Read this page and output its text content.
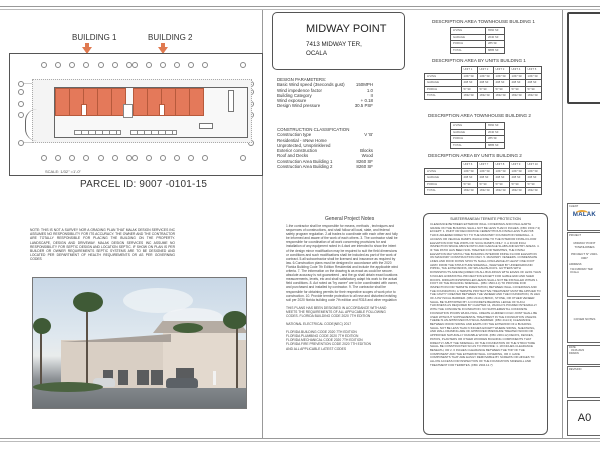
BUILDING 1	BUILDING 2
SCALE: 1/32" =1'-0"
PARCEL ID: 9007 -0101-15
NOTE: THIS IS NOT A SURVEY NOR A GRADING PLAN THAT MALAK DESIGN SERVICES INC ASSUMES NO RESPONSIBILITY FOR ITS ACCURACY. THE OWNER AND THE CONTRACTOR ARE TOTALLY RESPONSIBLE FOR PLACING THE BUILDING ON THE PROPERTY. LANDSCAPE, DESIGN AND DRIVEWAY. MALAK DESIGN SERVICES INC ASSUME NO RESPONSIBILITY FOR SEPTIC DESIGN AND LOCATION SEPTIC. IF SHOW ON PLAN IS PER BUILDER OR OWNER REQUIREMENTS SEPTIC SYSTEMS ARE TO BE DESIGNED AND LOCATED PER DEPARTMENT OF HEALTH REQUIREMENTS OR AS PER GOVERNING CODES
MIDWAY POINT
7413 MIDWAY TER,
OCALA
DESIGN PARAMETERS:
Basic Wind speed (3seconds gust)	150MPH
Wind impedence factor	1.0
Building Category	II
Wind exposure	+ 0.18
Design Wind pressure	30.5 PSF
CONSTRUCTION CLASSIFICATION
Construction type	V 'B'
Residential - nNew Home
Unprotected, Unsprinklered
Exterior construction	Blocks
Roof and Decks	Wood
Construction Area Building 1	8260 SF
Construction Area Building 2	8260 SF
DESCRIPTION AREA TOWNHOUSE BUILDING 1
LIVING	6560 SF
GARAGE	2040 SF
PORCH	285 SF
TOTAL	8885 SF
DESCRIPTION AREA BY UNITS BUILDING 1
	UNIT 1	UNIT 2	UNIT 3	UNIT 4	UNIT 5
LIVING	1367 SF	1367 SF	1367 SF	1367 SF	1367 SF
GARAGE	408 SF	408 SF	408 SF	408 SF	408 SF
PORCH	57 SF	57 SF	57 SF	57 SF	57 SF
TOTAL	1832 SF	1832 SF	1832 SF	1832 SF	1832 SF
DESCRIPTION AREA TOWNHOUSE BUILDING 2
LIVING	6560 SF
GARAGE	2040 SF
PORCH	285 SF
TOTAL	8885 SF
DESCRIPTION AREA BY UNITS BUILDING 2
	UNIT 6	UNIT 7	UNIT 8	UNIT 9	UNIT 10
LIVING	1367 SF	1367 SF	1367 SF	1367 SF	1367 SF
GARAGE	408 SF	408 SF	408 SF	408 SF	408 SF
PORCH	57 SF	57 SF	57 SF	57 SF	57 SF
TOTAL	1832 SF	1832 SF	1832 SF	1832 SF	1832 SF
General Project Notes
1.the contractor shall be responsible for means, methods , techniques and sequences of constructions, and shall follow all local, state, and federal safety program regulation. 2.all trades to coordinate with each other and fully be informed and aware of the work of each others. 3. The contractor shall be responsible for coordination of all work concerning provisions for and installation of any equipment noted in 4.dwd are intended to show the intent of the design minor modification may be required to suit the field dimensions or conditions and such modifications shall be included as part of the work of contract. 5.all subcontractor shall be licensed and insurance as required by law. 6.Construction plans must be designed in accordance with the 2020 Florida Building Code 7th Edition Residential and include the applicable wind criteria. 7. The information on the drawing is as exact as could be secure. absolute accuracy is not guaranteed , and the gc shall obtain exact locations measurements, levels, etc and shall satisfactory adapt his work to the actual field conditions. 8. Act noted as "by owner" are to be coordinated with owner, and purchased and installed by contractor. 9. The contractor shall be responsible for obtaining permits for their respective scopes of work prior to construction. 10. Provide termite protection to all new and disturbed existing soil per 2020 florida building code 7th edition and R318 and other regulation
THIS PLANS HAS BEEN DESIGNED IN ACCORDANCE WITH AND MEETS THE REQUIREMENTS OF ALL APPLICABLE FOLLOWING CODES. FLORIDA BUILDING CODE 2020 7TH EDITION
NATIONAL ELECTRICAL CODE(NEC) 2017
FLORIDA BUILDING CODE 2020 7TH EDITION
FLORIDA PLUMBING CODE 2020 7TH EDITION
FLORIDA MECHANICAL CODE 2020 7TH EDITION
FLORIDA FIRE PREVENTION CODE 2020 7TH EDITION
AND ALL APPLICABLE LATEST CODES
SUBTERRANEAN TERMITE PROTECTION
CLEARANCE BETWEEN EXTERIOR WALL COVERINGS AND FINAL EARTH GRADE ON THE BUILDING SHALL NOT BE LESS THAN 6 INCHES. (FBC 1503.7.3) EXCEPT: 1. PAINT OR DECORATIVE CEMENTITIOUS FINISH LESS THAN 5/8 THICK ADHERED DIRECTLY TO THE MASONRY FOUNDATION SIDEWALL. 2. ACCESS OR VEHICLE RAMPS WHICH RISE TO THE INTERIOR FINISH FLOOR ELEVATION FOR THE WIDTH OF SUCH RAMPS ONLY. 3. A FOUR INCH INSPECTION SPACE ABOVE PATIO AND GARAGE SLABS AND ENTRY AREAS. 4. IF THE PATIO HAS BEEN SOIL TREATED FOR TERMITES, THE FINISH ELEVATION MAY MATCH THE BUILDING INTERIOR FINISH FLOOR ELEVATION ON MASONRY CONSTRUCTION ONLY. 5. MASONRY VENEERS. CONDENSATE LINES AND ROOF DOWN SPOUTS SHALL DISCHARGE AT LEAST ONE FOOT AWAY FROM THE STRUCTURE SIDEWALL, WHETHER BY UNDERGROUND PIPING, TAIL EXTENSIONS, OR SPLASH BLOCKS. GUTTERS WITH DOWNSPOUTS ARE REQUIRED ON ALL BUILDINGS WITH EAVES OF LESS THAN 6 INCHES HORIZONTAL PROJECTION EXCEPT FOR GABLE END AND SHED ROOFS. IRRIGATION/SPRINKLER HEADS SHALL NOT BE INSTALLED WITHIN 1 FOOT OF THE BUILDING SIDEWALL. (FBC 1503.4.4) TO PROVIDE FOR INSPECTION FOR TERMITE INFESTATION, BETWEEN WALL COVERINGS AND THE FOUNDATION, A TERMITE PROTECTIVE TREATMENT MUST BE APPLIED TO THE CAVITY CREATED BETWEEN THE VENEER AND THE FOUNDATION, IN LIEU OF A PHYSICAL BARRIER. (FBC 2114.2) BRICK, STONE, OR OTHER VENEER SHALL BE SUPPORTED BY A CONCRETE BEARING LEDGE OF SUCH THICKNESS AS REQUIRED BY CHAPTER 14, WHICH IS POURED INTEGRALLY WITH THE CONCRETE FOUNDATION. NO SUPPLEMENTAL CONCRETE FOUNDATION POURS WHICH WILL CREATE A HIDDEN COLD JOINT SHALL BE USED WITHOUT SUPPLEMENTAL TREATMENT IN THE FOUNDATION UNLESS THERE IS AN APPROVED PHYSICAL BARRIER. (FBC 2114.3) CLEARANCE BETWEEN WOOD SIDING AND EARTH ON THE EXTERIOR OF A BUILDING SHALL NOT BE LESS THAN 6 INCHES EXCEPT WHERE SIDING, SHEATHING, AND WALL FRAMING ARE OF APPROVED PRESSURE TREATED WOOD OR APPROVED NATURALLY DURABLE WOOD. (FBC 2304.12) DECKS, FENCES, PATIOS, PLANTERS OR OTHER WOODEN BUILDING COMPONENTS THAT DIRECTLY ABUT THE SIDEWALL OF THE FOUNDATION OF THE STRUCTURE SHALL BE CONSTRUCTED SO AS TO PROVIDE: 1. 18 INCHES CLEARANCE BENEATH, OR 2. 6 INCHES CLEARANCE BETWEEN THE TOP OF THE COMPONENT AND THE EXTERIOR WALL COVERING, OR 3. HAVE COMPONENTS THAT ARE EASILY REMOVABLE BY SCREWS OR HINGES TO ALLOW ACCESS FOR INSPECTION OF THE FOUNDATION SIDEWALL AND TREATMENT FOR TERMITES. (FBC 2304.12.7)
CLIENT
MALAK
PROJECT
MIDWAY POINT TOWNHOMES
PROJECT N° 2023-0007
ADDRESS
7413 MIDWAY TER OCALA
COVER NOTES
DATE
03.06.2023
DRAWN
REVISION
A0
